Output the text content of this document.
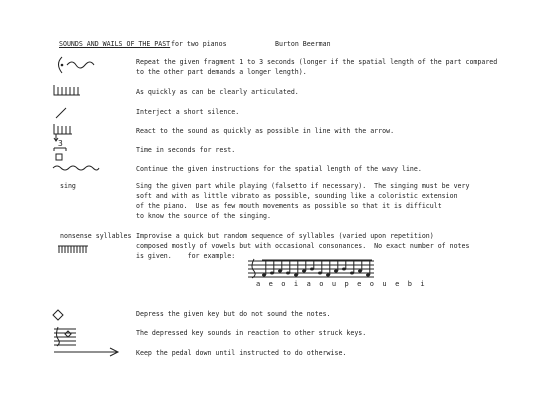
SOUNDS AND WAILS OF THE PAST
for two pianos	Burton Beerman
3
sing
nonsense syllables
Repeat the given fragment 1 to 3 seconds (longer if the spatial length of the part compared
to the other part demands a longer length).
As quickly as can be clearly articulated.
Interject a short silence.
React to the sound as quickly as possible in line with the arrow.
Time in seconds for rest.
Continue the given instructions for the spatial length of the wavy line.
Sing the given part while playing (falsetto if necessary).  The singing must be very
soft and with as little vibrato as possible, sounding like a coloristic extension
of the piano.  Use as few mouth movements as possible so that it is difficult
to know the source of the singing.
Improvise a quick but random sequence of syllables (varied upon repetition)
composed mostly of vowels but with occasional consonances.  No exact number of notes
is given.    for example:
a  e  o  i  a  o  u  p  e  o  u  e  b  i
Depress the given key but do not sound the notes.
The depressed key sounds in reaction to other struck keys.
Keep the pedal down until instructed to do otherwise.
